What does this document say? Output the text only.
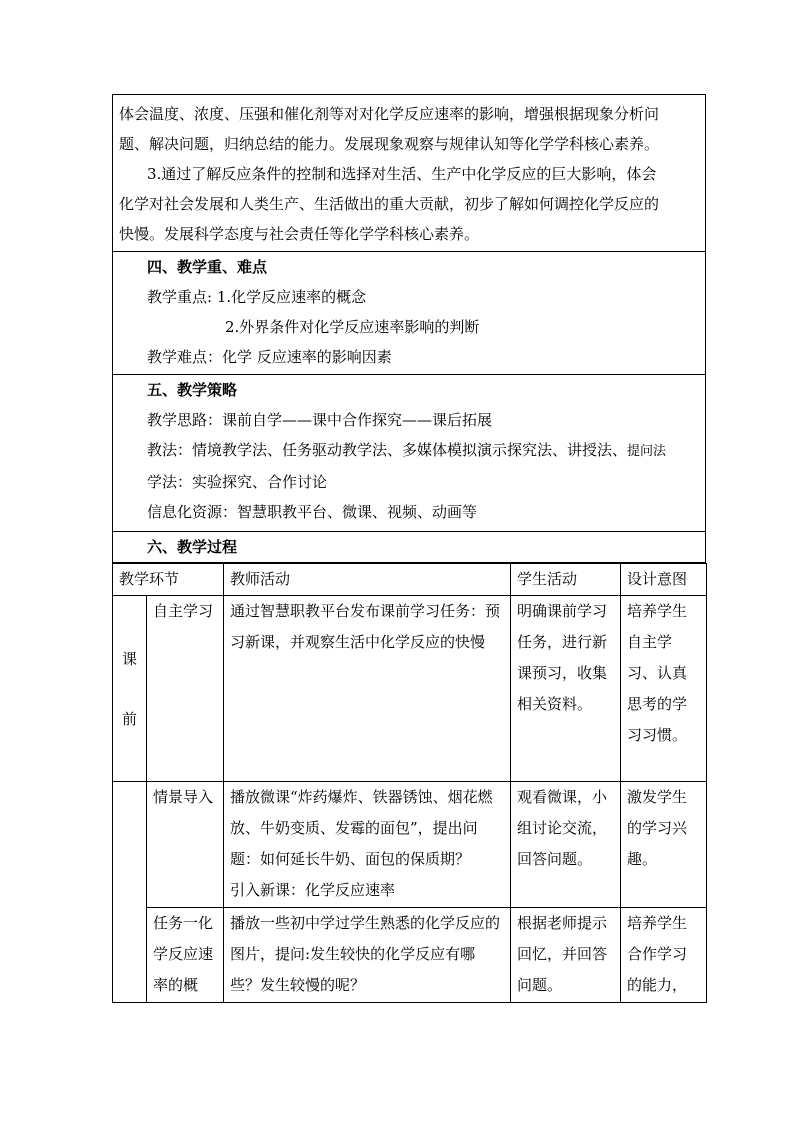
体会温度、浓度、压强和催化剂等对对化学反应速率的影响，增强根据现象分析问
题、解决问题，归纳总结的能力。发展现象观察与规律认知等化学学科核心素养。
3.通过了解反应条件的控制和选择对生活、生产中化学反应的巨大影响，体会
化学对社会发展和人类生产、生活做出的重大贡献，初步了解如何调控化学反应的
快慢。发展科学态度与社会责任等化学学科核心素养。
四、教学重、难点
教学重点: 1.化学反应速率的概念
2.外界条件对化学反应速率影响的判断
教学难点：化学 反应速率的影响因素
五、教学策略
教学思路：课前自学——课中合作探究——课后拓展
教法：情境教学法、任务驱动教学法、多媒体模拟演示探究法、讲授法、提问法
学法：实验探究、合作讨论
信息化资源：智慧职教平台、微课、视频、动画等
六、教学过程
教学环节		教师活动	学生活动	设计意图
课

前	自主学习	通过智慧职教平台发布课前学习任务：预习新课，并观察生活中化学反应的快慢	明确课前学习任务，进行新课预习，收集相关资料。	培养学生自主学习、认真思考的学习习惯。
	情景导入	播放微课“炸药爆炸、铁器锈蚀、烟花燃放、牛奶变质、发霉的面包”，提出问题：如何延长牛奶、面包的保质期？
引入新课：化学反应速率	观看微课，小组讨论交流，回答问题。	激发学生的学习兴趣。
	任务一化学反应速率的概	播放一些初中学过学生熟悉的化学反应的图片，提问:发生较快的化学反应有哪些？发生较慢的呢？	根据老师提示回忆，并回答问题。	培养学生合作学习的能力，
